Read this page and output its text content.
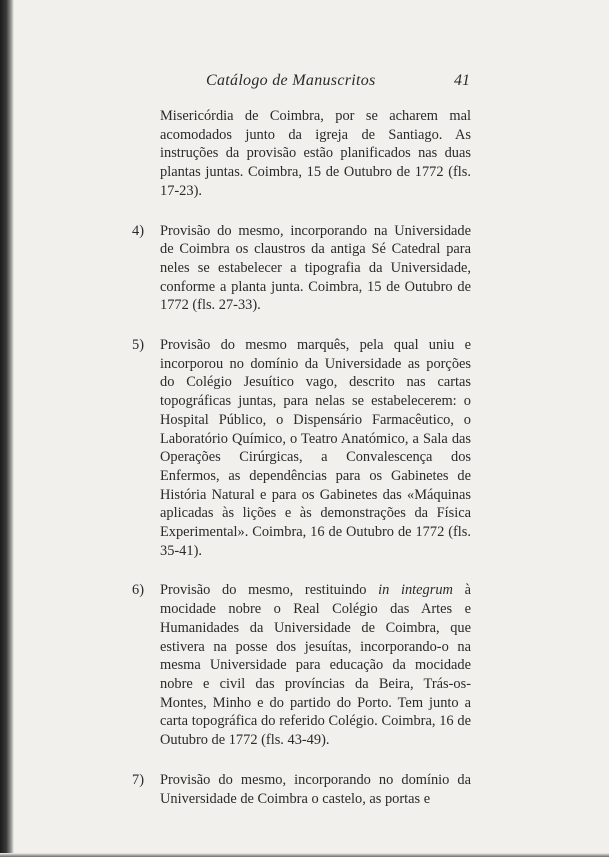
Catálogo de Manuscritos	41

Misericórdia de Coimbra, por se acharem mal acomodados junto da igreja de Santiago. As instruções da provisão estão planificados nas duas plantas juntas. Coimbra, 15 de Outubro de 1772 (fls. 17-23).

4) Provisão do mesmo, incorporando na Universidade de Coimbra os claustros da antiga Sé Catedral para neles se estabelecer a tipografia da Universidade, conforme a planta junta. Coimbra, 15 de Outubro de 1772 (fls. 27-33).

5) Provisão do mesmo marquês, pela qual uniu e incorporou no domínio da Universidade as porções do Colégio Jesuítico vago, descrito nas cartas topográficas juntas, para nelas se estabelecerem: o Hospital Público, o Dispensário Farmacêutico, o Laboratório Químico, o Teatro Anatómico, a Sala das Operações Cirúrgicas, a Convalescença dos Enfermos, as dependências para os Gabinetes de História Natural e para os Gabinetes das «Máquinas aplicadas às lições e às demonstrações da Física Experimental». Coimbra, 16 de Outubro de 1772 (fls. 35-41).

6) Provisão do mesmo, restituindo in integrum à mocidade nobre o Real Colégio das Artes e Humanidades da Universidade de Coimbra, que estivera na posse dos jesuítas, incorporando-o na mesma Universidade para educação da mocidade nobre e civil das províncias da Beira, Trás-os-Montes, Minho e do partido do Porto. Tem junto a carta topográfica do referido Colégio. Coimbra, 16 de Outubro de 1772 (fls. 43-49).

7) Provisão do mesmo, incorporando no domínio da Universidade de Coimbra o castelo, as portas e
